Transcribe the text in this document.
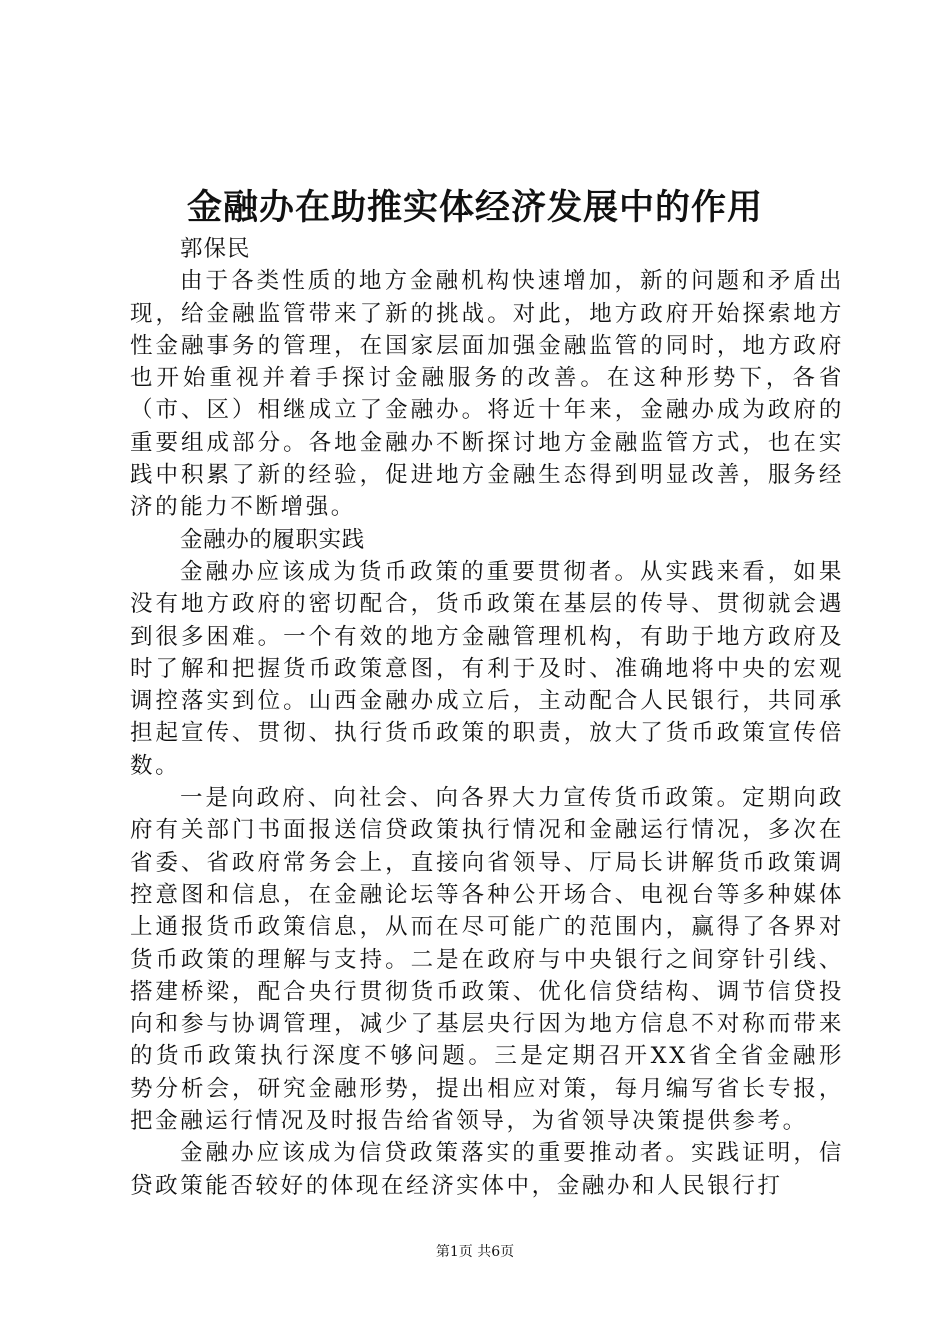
金融办在助推实体经济发展中的作用

郭保民

由于各类性质的地方金融机构快速增加，新的问题和矛盾出现，给金融监管带来了新的挑战。对此，地方政府开始探索地方性金融事务的管理，在国家层面加强金融监管的同时，地方政府也开始重视并着手探讨金融服务的改善。在这种形势下，各省（市、区）相继成立了金融办。将近十年来，金融办成为政府的重要组成部分。各地金融办不断探讨地方金融监管方式，也在实践中积累了新的经验，促进地方金融生态得到明显改善，服务经济的能力不断增强。

金融办的履职实践

金融办应该成为货币政策的重要贯彻者。从实践来看，如果没有地方政府的密切配合，货币政策在基层的传导、贯彻就会遇到很多困难。一个有效的地方金融管理机构，有助于地方政府及时了解和把握货币政策意图，有利于及时、准确地将中央的宏观调控落实到位。山西金融办成立后，主动配合人民银行，共同承担起宣传、贯彻、执行货币政策的职责，放大了货币政策宣传倍数。

一是向政府、向社会、向各界大力宣传货币政策。定期向政府有关部门书面报送信贷政策执行情况和金融运行情况，多次在省委、省政府常务会上，直接向省领导、厅局长讲解货币政策调控意图和信息，在金融论坛等各种公开场合、电视台等多种媒体上通报货币政策信息，从而在尽可能广的范围内，赢得了各界对货币政策的理解与支持。二是在政府与中央银行之间穿针引线、搭建桥梁，配合央行贯彻货币政策、优化信贷结构、调节信贷投向和参与协调管理，减少了基层央行因为地方信息不对称而带来的货币政策执行深度不够问题。三是定期召开XX省全省金融形势分析会，研究金融形势，提出相应对策，每月编写省长专报，把金融运行情况及时报告给省领导，为省领导决策提供参考。

金融办应该成为信贷政策落实的重要推动者。实践证明，信贷政策能否较好的体现在经济实体中，金融办和人民银行打

第1页 共6页
